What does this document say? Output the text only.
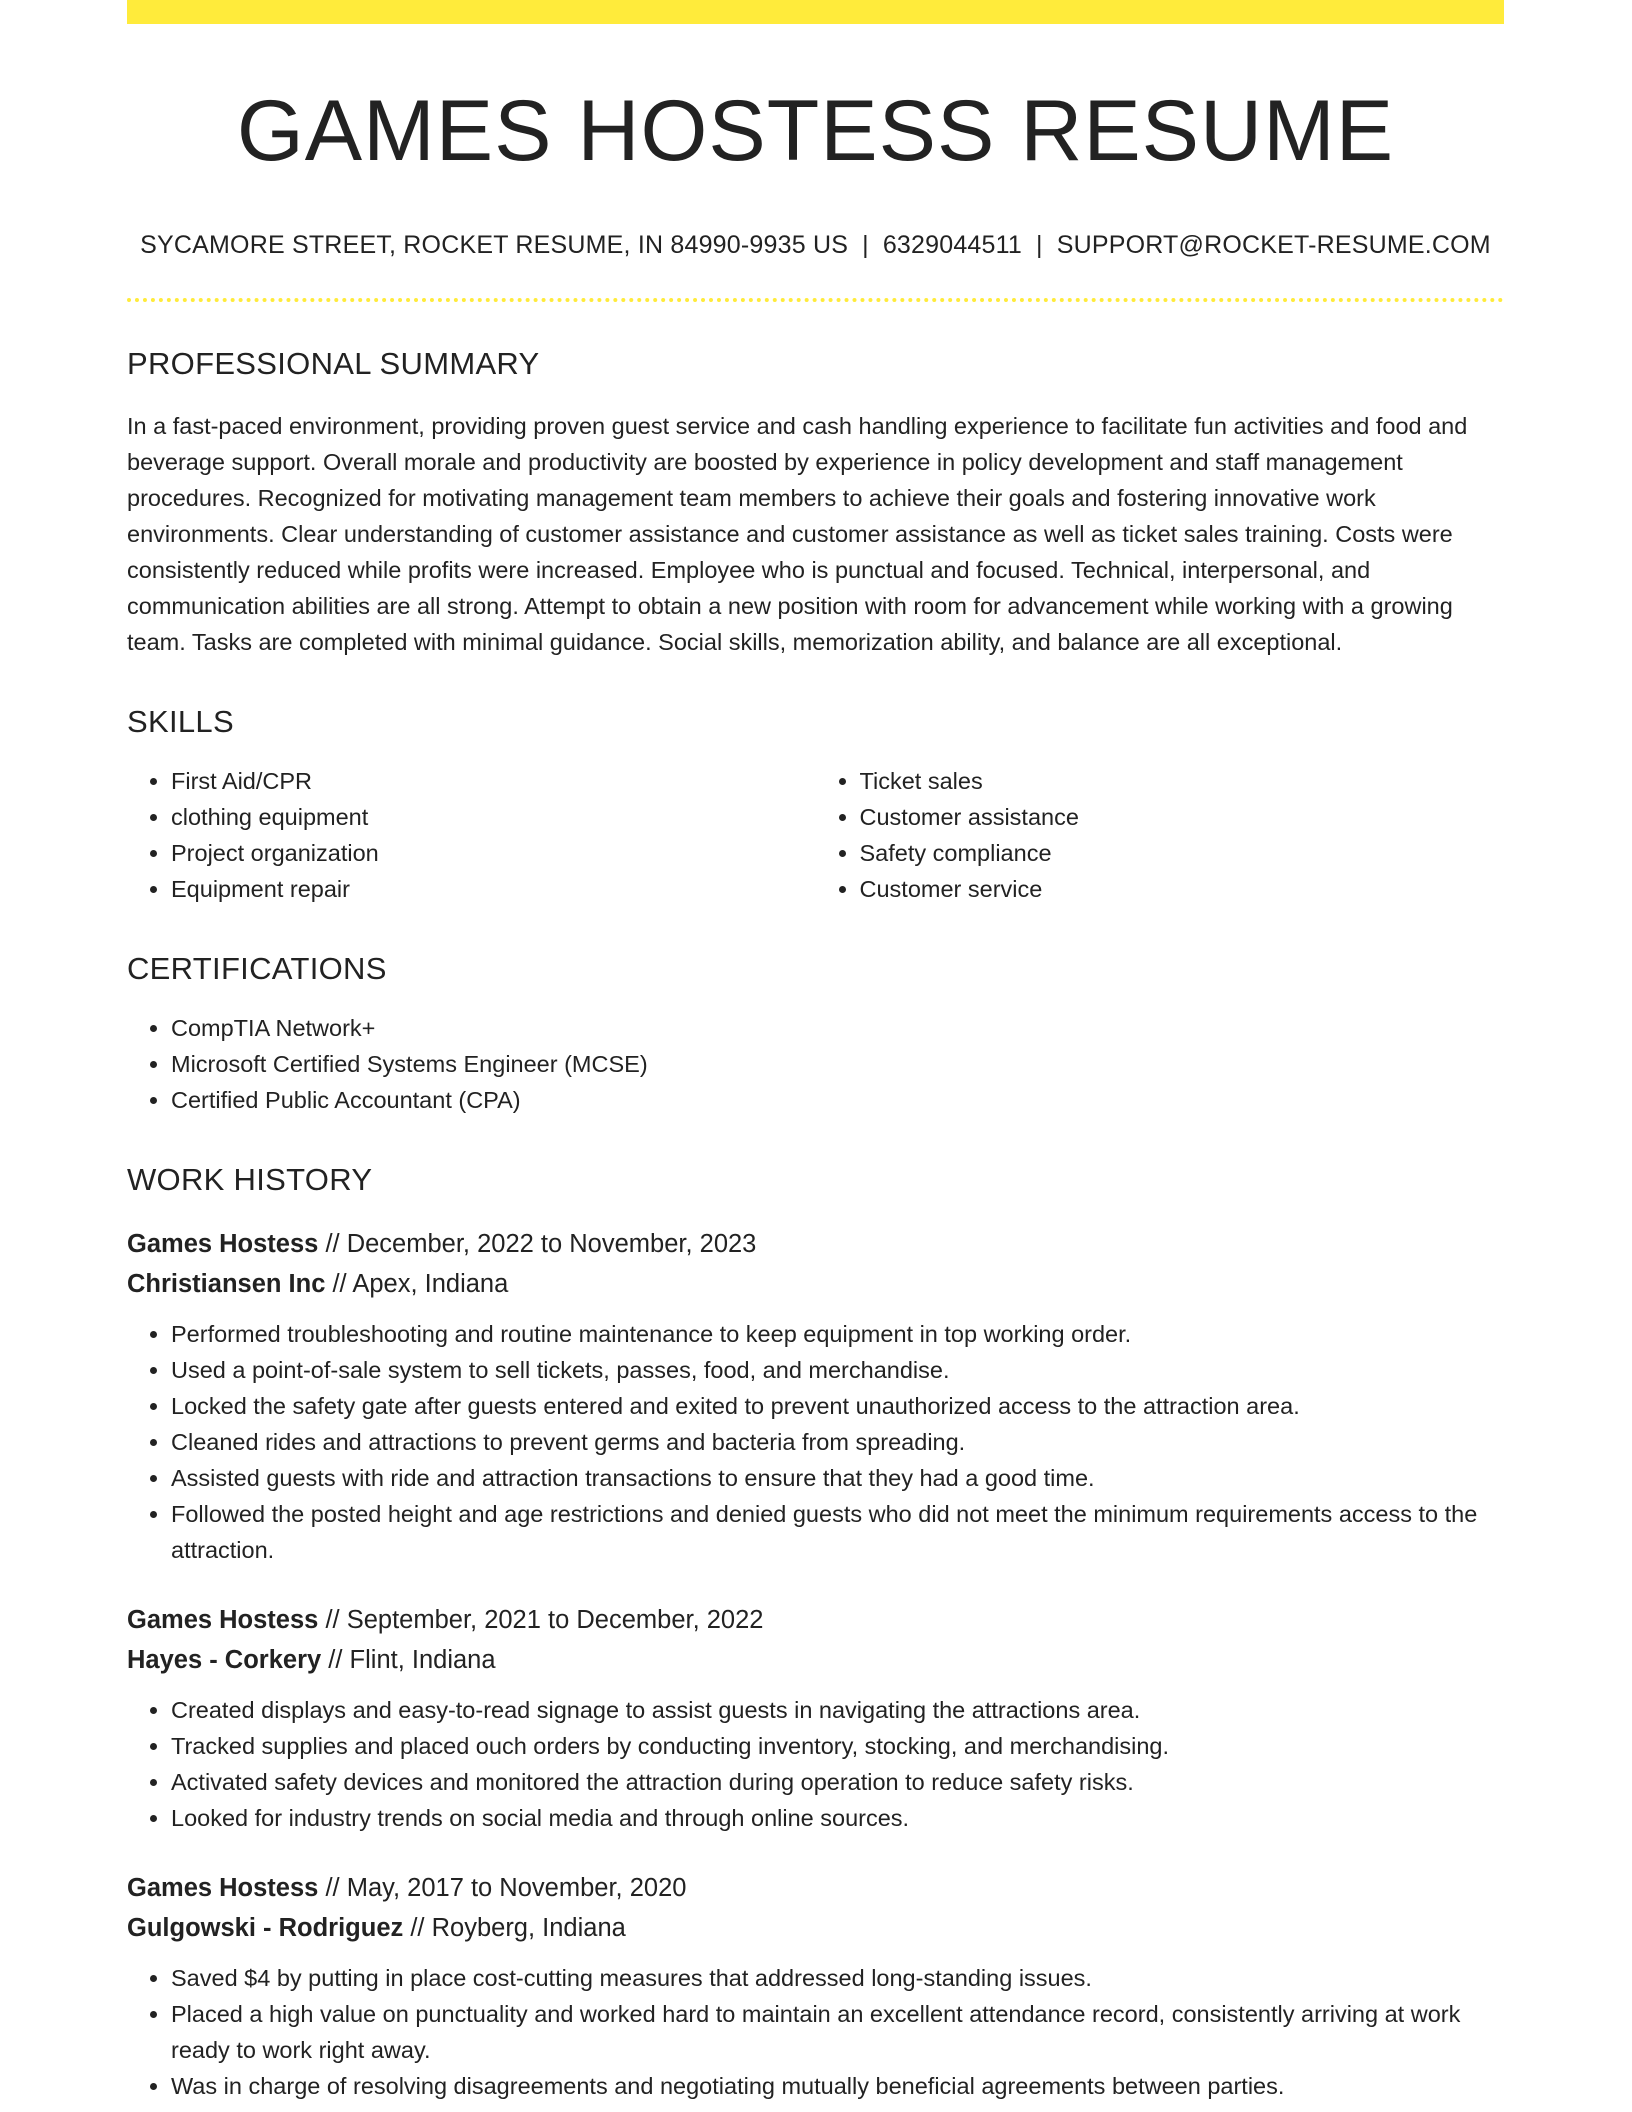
GAMES HOSTESS RESUME
SYCAMORE STREET, ROCKET RESUME, IN 84990-9935 US | 6329044511 | SUPPORT@ROCKET-RESUME.COM
PROFESSIONAL SUMMARY

In a fast-paced environment, providing proven guest service and cash handling experience to facilitate fun activities and food and beverage support. Overall morale and productivity are boosted by experience in policy development and staff management procedures. Recognized for motivating management team members to achieve their goals and fostering innovative work environments. Clear understanding of customer assistance and customer assistance as well as ticket sales training. Costs were consistently reduced while profits were increased. Employee who is punctual and focused. Technical, interpersonal, and communication abilities are all strong. Attempt to obtain a new position with room for advancement while working with a growing team. Tasks are completed with minimal guidance. Social skills, memorization ability, and balance are all exceptional.

SKILLS
• First Aid/CPR
• clothing equipment
• Project organization
• Equipment repair
• Ticket sales
• Customer assistance
• Safety compliance
• Customer service
CERTIFICATIONS
• CompTIA Network+
• Microsoft Certified Systems Engineer (MCSE)
• Certified Public Accountant (CPA)
WORK HISTORY
Games Hostess // December, 2022 to November, 2023
Christiansen Inc // Apex, Indiana
• Performed troubleshooting and routine maintenance to keep equipment in top working order.
• Used a point-of-sale system to sell tickets, passes, food, and merchandise.
• Locked the safety gate after guests entered and exited to prevent unauthorized access to the attraction area.
• Cleaned rides and attractions to prevent germs and bacteria from spreading.
• Assisted guests with ride and attraction transactions to ensure that they had a good time.
• Followed the posted height and age restrictions and denied guests who did not meet the minimum requirements access to the attraction.
Games Hostess // September, 2021 to December, 2022
Hayes - Corkery // Flint, Indiana
• Created displays and easy-to-read signage to assist guests in navigating the attractions area.
• Tracked supplies and placed ouch orders by conducting inventory, stocking, and merchandising.
• Activated safety devices and monitored the attraction during operation to reduce safety risks.
• Looked for industry trends on social media and through online sources.
Games Hostess // May, 2017 to November, 2020
Gulgowski - Rodriguez // Royberg, Indiana
• Saved $4 by putting in place cost-cutting measures that addressed long-standing issues.
• Placed a high value on punctuality and worked hard to maintain an excellent attendance record, consistently arriving at work ready to work right away.
• Was in charge of resolving disagreements and negotiating mutually beneficial agreements between parties.
